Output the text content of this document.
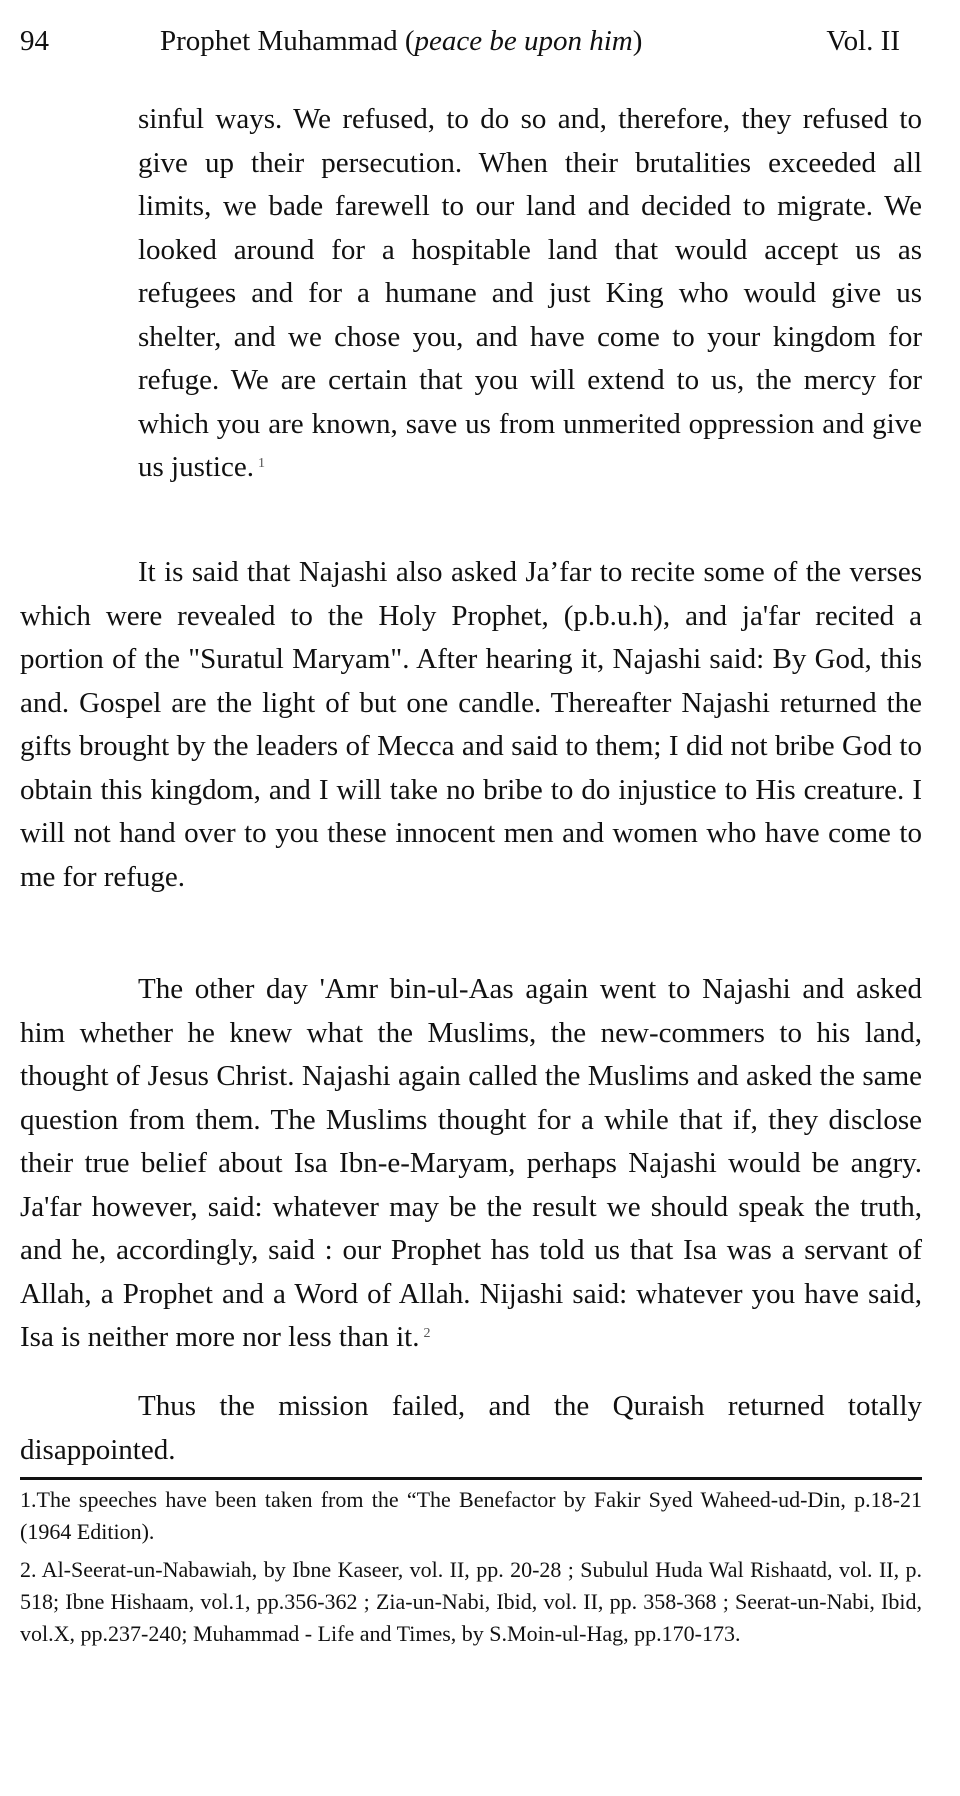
94	Prophet Muhammad (peace be upon him)	Vol. II
sinful ways. We refused, to do so and, therefore, they refused to give up their persecution. When their brutalities exceeded all limits, we bade farewell to our land and decided to migrate. We looked around for a hospitable land that would accept us as refugees and for a humane and just King who would give us shelter, and we chose you, and have come to your kingdom for refuge. We are certain that you will extend to us, the mercy for which you are known, save us from unmerited oppression and give us justice. $^1$
It is said that Najashi also asked Ja’far to recite some of the verses which were revealed to the Holy Prophet, (p.b.u.h), and ja'far recited a portion of the "Suratul Maryam". After hearing it, Najashi said: By God, this and. Gospel are the light of but one candle. Thereafter Najashi returned the gifts brought by the leaders of Mecca and said to them; I did not bribe God to obtain this kingdom, and I will take no bribe to do injustice to His creature. I will not hand over to you these innocent men and women who have come to me for refuge.
The other day 'Amr bin-ul-Aas again went to Najashi and asked him whether he knew what the Muslims, the new-commers to his land, thought of Jesus Christ. Najashi again called the Muslims and asked the same question from them. The Muslims thought for a while that if, they disclose their true belief about Isa Ibn-e-Maryam, perhaps Najashi would be angry. Ja'far however, said: whatever may be the result we should speak the truth, and he, accordingly, said : our Prophet has told us that Isa was a servant of Allah, a Prophet and a Word of Allah. Nijashi said: whatever you have said, Isa is neither more nor less than it. $^2$
Thus the mission failed, and the Quraish returned totally disappointed.

1.The speeches have been taken from the “The Benefactor by Fakir Syed Waheed-ud-Din, p.18-21 (1964 Edition).

2. Al-Seerat-un-Nabawiah, by Ibne Kaseer, vol. II, pp. 20-28 ; Subulul Huda Wal Rishaatd, vol. II, p. 518; Ibne Hishaam, vol.1, pp.356-362 ; Zia-un-Nabi, Ibid, vol. II, pp. 358-368 ; Seerat-un-Nabi, Ibid, vol.X, pp.237-240; Muhammad - Life and Times, by S.Moin-ul-Hag, pp.170-173.
